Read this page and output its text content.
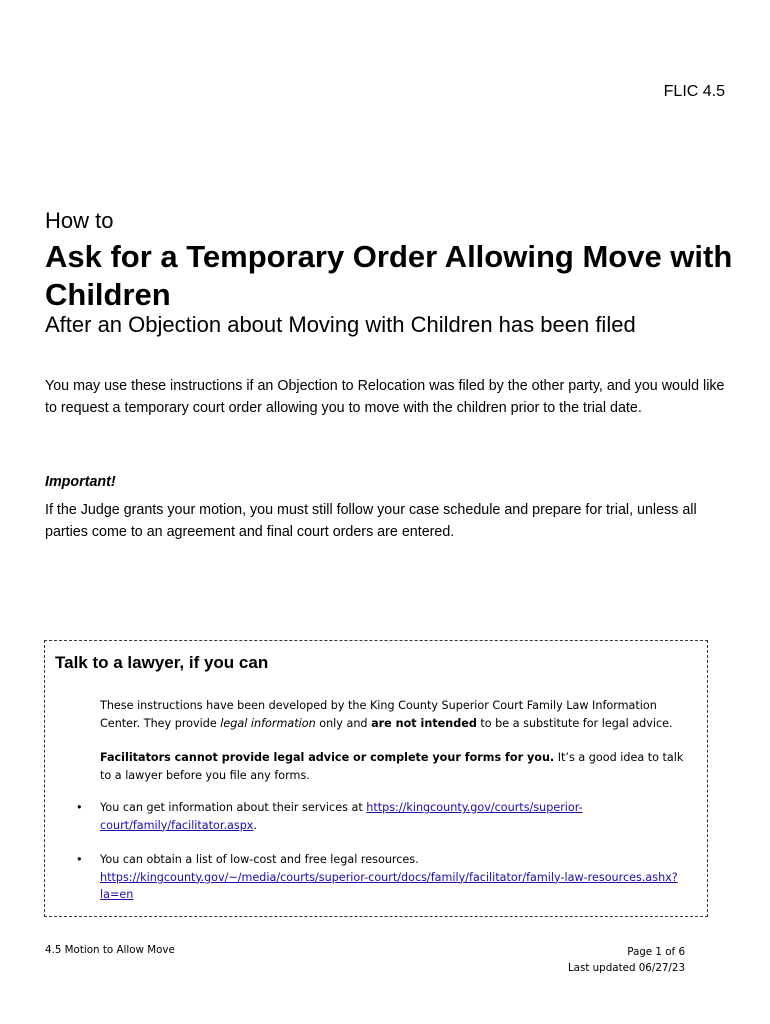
FLIC 4.5
How to
Ask for a Temporary Order Allowing Move with Children
After an Objection about Moving with Children has been filed

You may use these instructions if an Objection to Relocation was filed by the other party, and you would like to request a temporary court order allowing you to move with the children prior to the trial date.

Important!

If the Judge grants your motion, you must still follow your case schedule and prepare for trial, unless all parties come to an agreement and final court orders are entered.

Talk to a lawyer, if you can

These instructions have been developed by the King County Superior Court Family Law Information Center. They provide legal information only and are not intended to be a substitute for legal advice.

Facilitators cannot provide legal advice or complete your forms for you. It’s a good idea to talk to a lawyer before you file any forms.

• You can get information about their services at https://kingcounty.gov/courts/superior-court/family/facilitator.aspx.
• You can obtain a list of low-cost and free legal resources.
https://kingcounty.gov/~/media/courts/superior-court/docs/family/facilitator/family-law-resources.ashx?la=en
4.5 Motion to Allow Move	Page 1 of 6
Last updated 06/27/23
